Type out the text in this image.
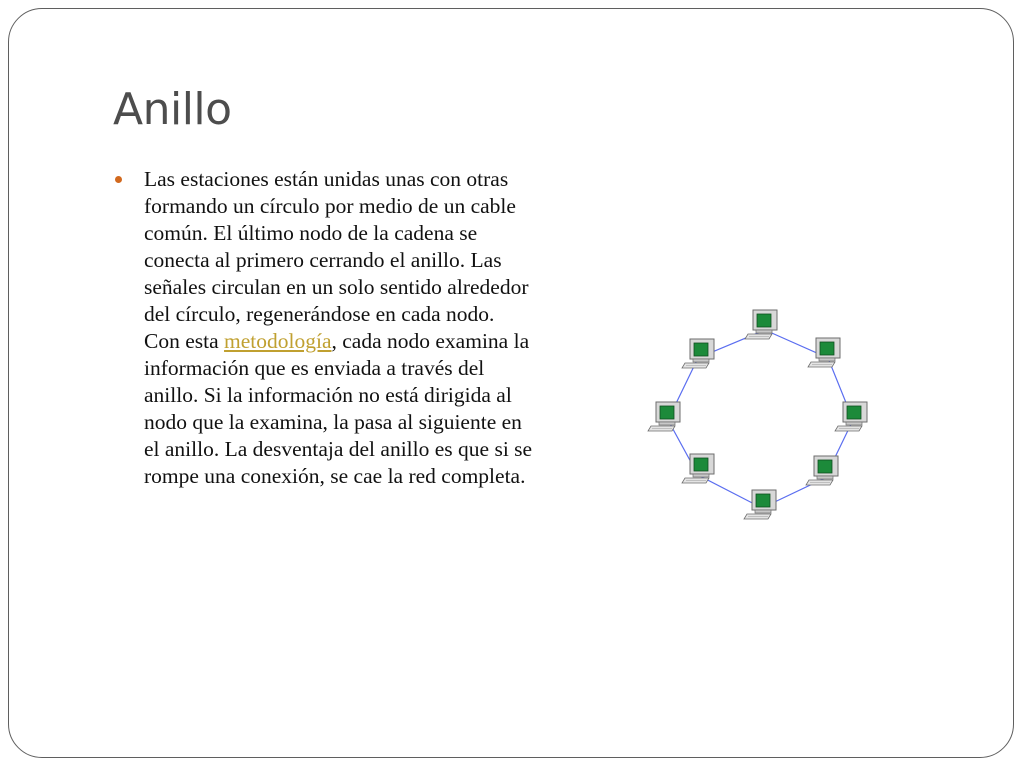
Anillo

Las estaciones están unidas unas con otras formando un círculo por medio de un cable común. El último nodo de la cadena se conecta al primero cerrando el anillo. Las señales circulan en un solo sentido alrededor del círculo, regenerándose en cada nodo. Con esta metodología, cada nodo examina la información que es enviada a través del anillo. Si la información no está dirigida al nodo que la examina, la pasa al siguiente en el anillo. La desventaja del anillo es que si se rompe una conexión, se cae la red completa.
